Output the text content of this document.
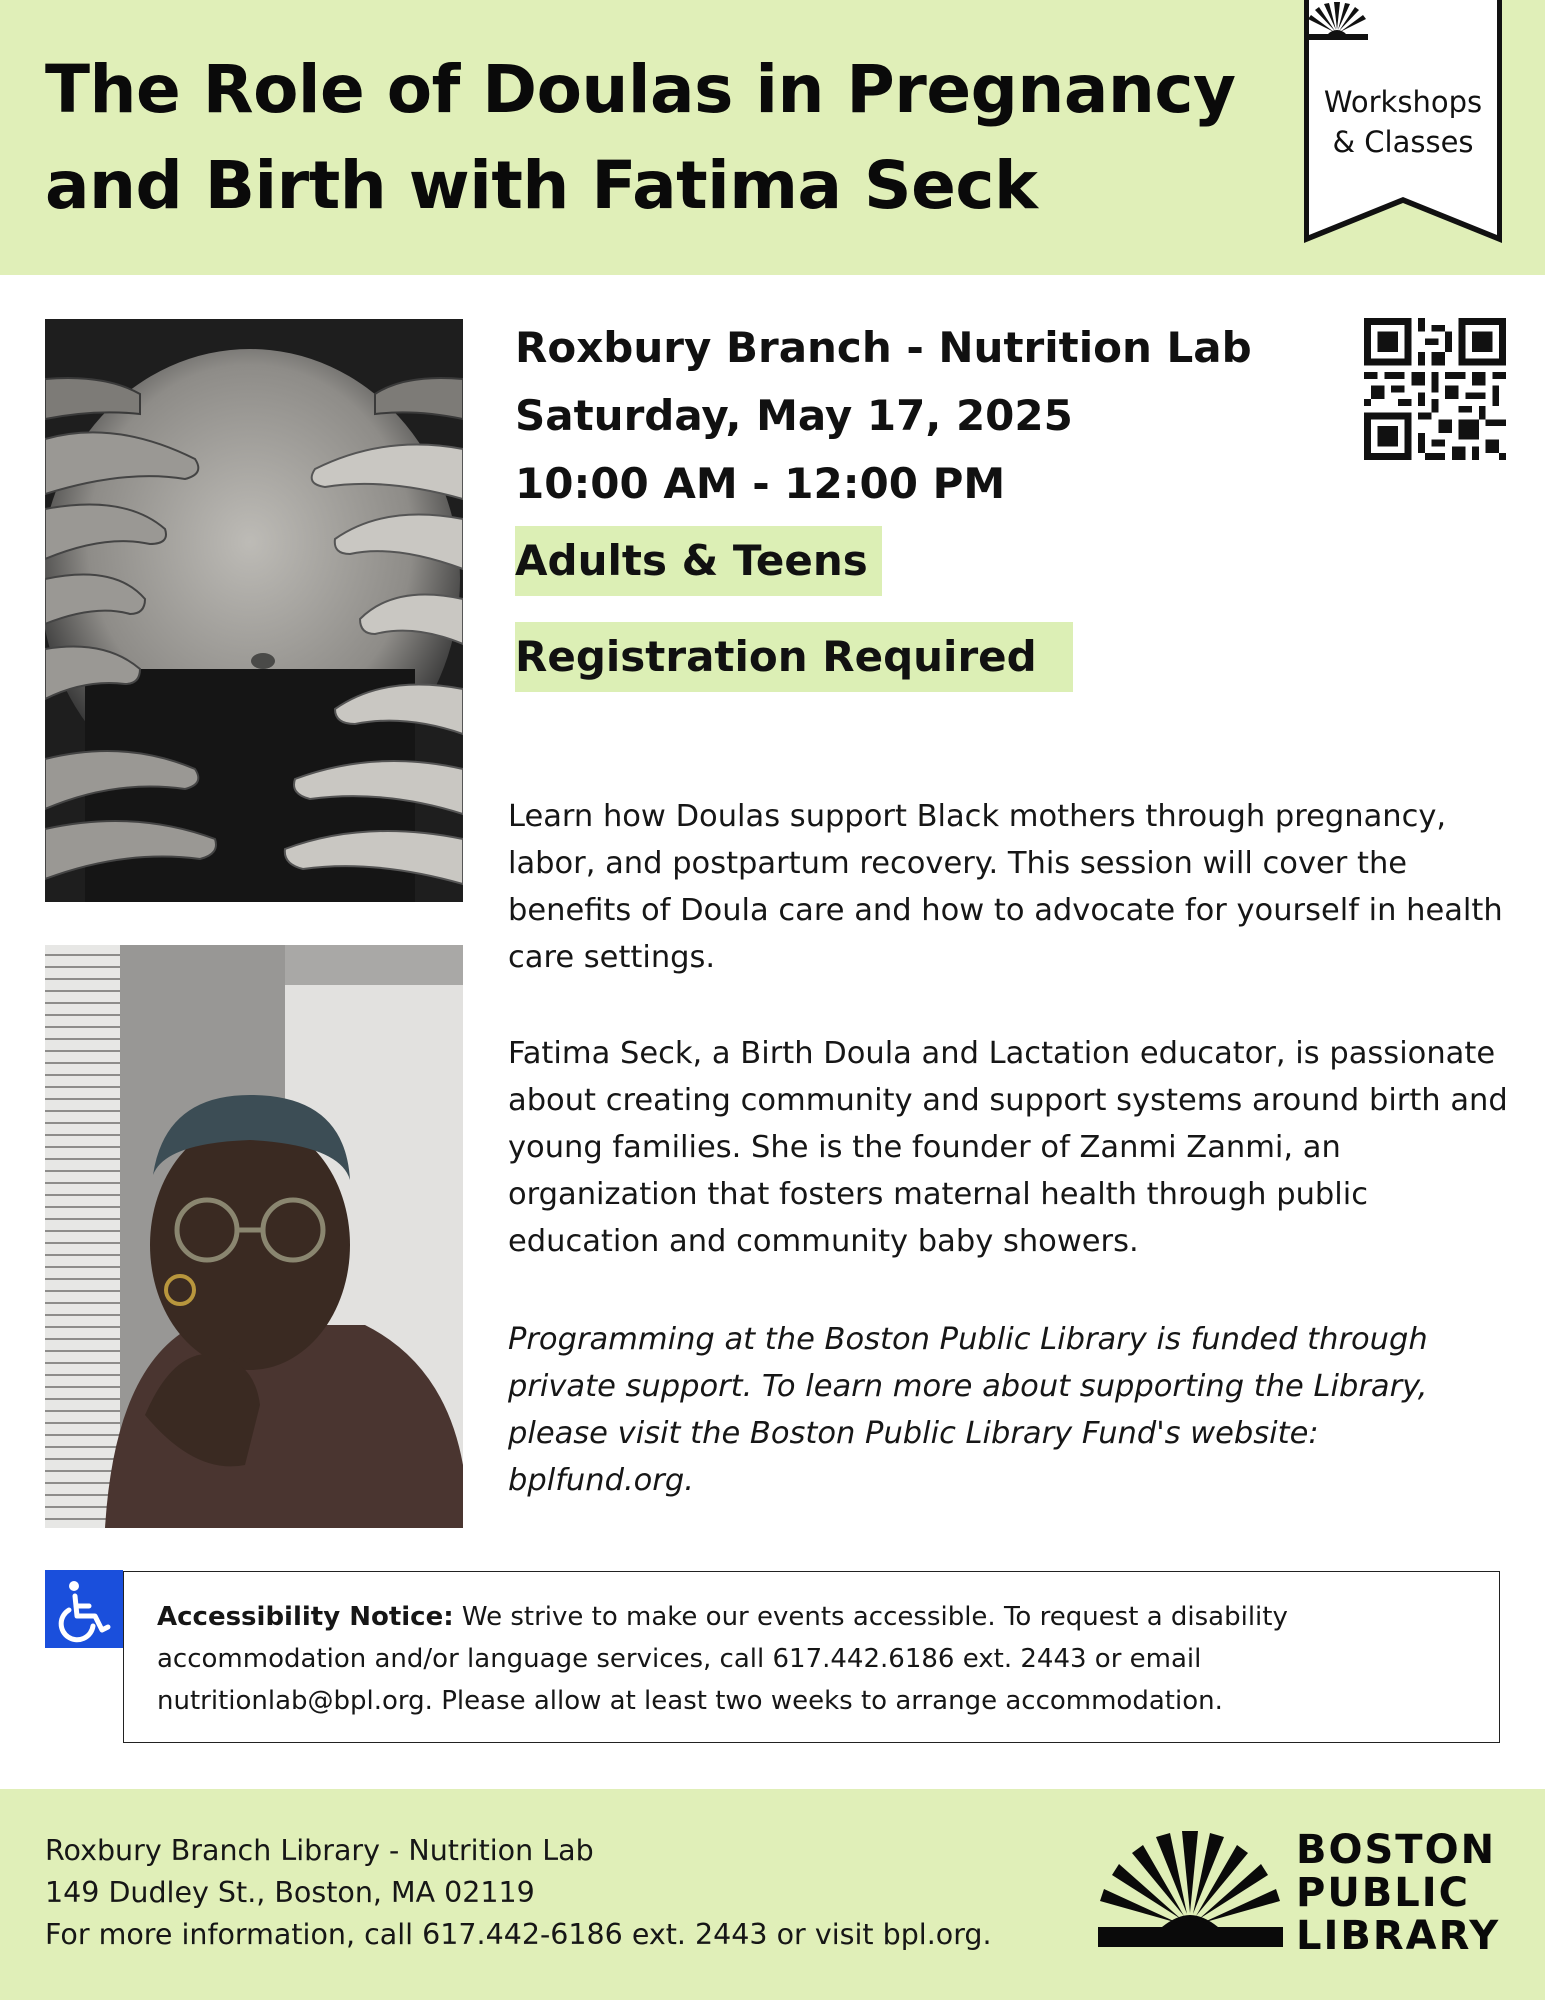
The Role of Doulas in Pregnancy and Birth with Fatima Seck
Workshops
& Classes
Roxbury Branch - Nutrition Lab
Saturday, May 17, 2025
10:00 AM - 12:00 PM
Adults & Teens
Registration Required
Learn how Doulas support Black mothers through pregnancy, labor, and postpartum recovery. This session will cover the benefits of Doula care and how to advocate for yourself in health care settings.
Fatima Seck, a Birth Doula and Lactation educator, is passionate about creating community and support systems around birth and young families. She is the founder of Zanmi Zanmi, an organization that fosters maternal health through public education and community baby showers.
Programming at the Boston Public Library is funded through private support. To learn more about supporting the Library, please visit the Boston Public Library Fund's website: bplfund.org.
Accessibility Notice: We strive to make our events accessible. To request a disability accommodation and/or language services, call 617.442.6186 ext. 2443 or email nutritionlab@bpl.org. Please allow at least two weeks to arrange accommodation.
Roxbury Branch Library - Nutrition Lab
149 Dudley St., Boston, MA 02119
For more information, call 617.442-6186 ext. 2443 or visit bpl.org.
BOSTON
PUBLIC
LIBRARY
